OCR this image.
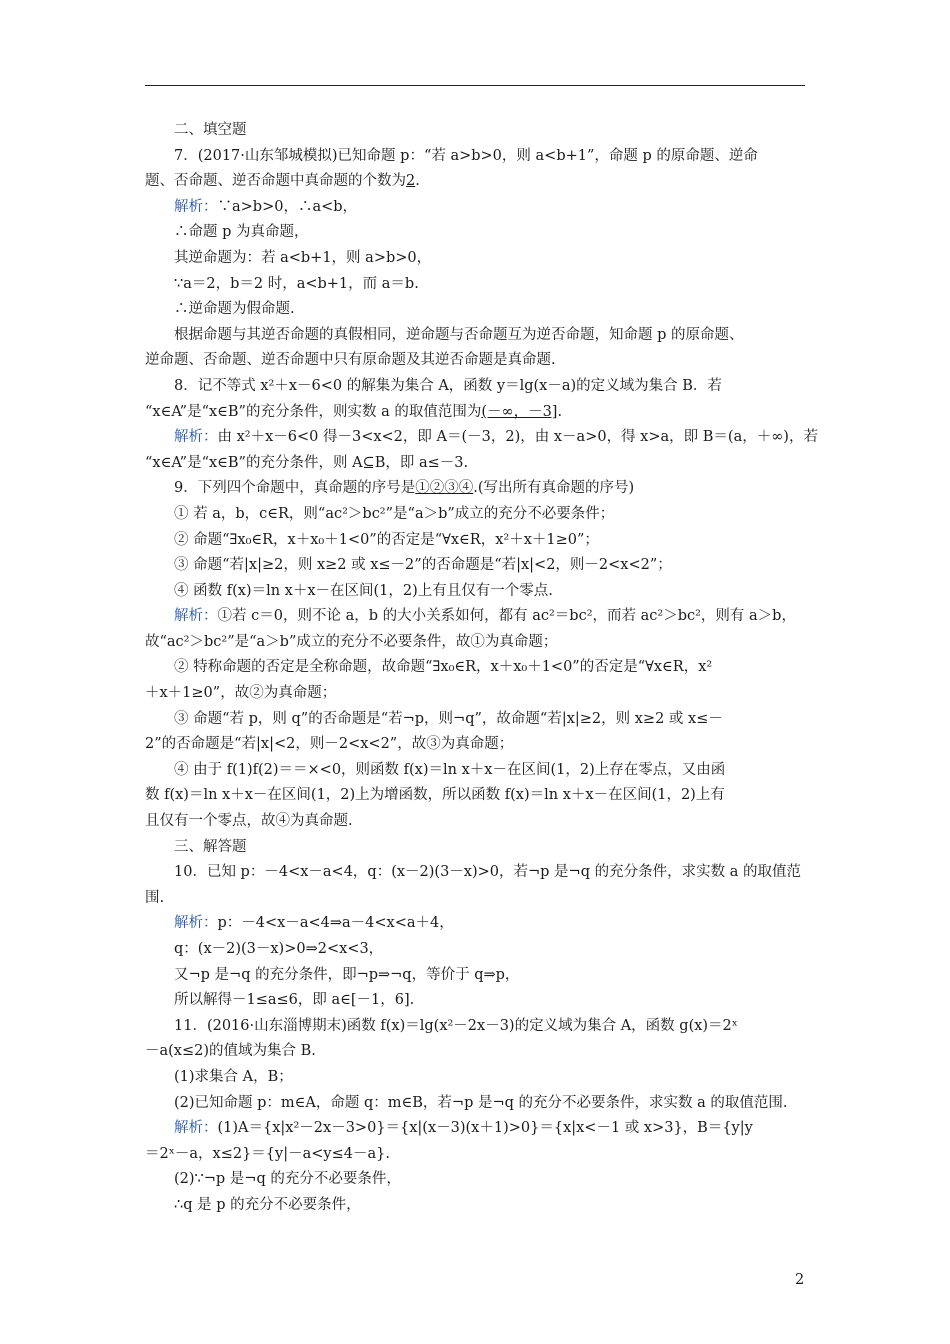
二、填空题
7．(2017·山东邹城模拟)已知命题 p：“若 a>b>0，则 a<b+1”，命题 p 的原命题、逆命
题、否命题、逆否命题中真命题的个数为2.
解析：∵a>b>0，∴a<b，
∴命题 p 为真命题，
其逆命题为：若 a<b+1，则 a>b>0，
∵a＝2，b＝2 时，a<b+1，而 a＝b.
∴逆命题为假命题.
根据命题与其逆否命题的真假相同，逆命题与否命题互为逆否命题，知命题 p 的原命题、
逆命题、否命题、逆否命题中只有原命题及其逆否命题是真命题.
8．记不等式 x²＋x－6<0 的解集为集合 A，函数 y＝lg(x－a)的定义域为集合 B．若
“x∈A”是“x∈B”的充分条件，则实数 a 的取值范围为(－∞，－3].
解析：由 x²＋x－6<0 得－3<x<2，即 A＝(－3，2)，由 x－a>0，得 x>a，即 B＝(a，＋∞)，若
“x∈A”是“x∈B”的充分条件，则 A⊆B，即 a≤－3.
9．下列四个命题中，真命题的序号是①②③④.(写出所有真命题的序号)
① 若 a，b，c∈R，则“ac²＞bc²”是“a＞b”成立的充分不必要条件；
② 命题“∃x₀∈R，x＋x₀＋1<0”的否定是“∀x∈R，x²＋x＋1≥0”；
③ 命题“若|x|≥2，则 x≥2 或 x≤－2”的否命题是“若|x|<2，则－2<x<2”；
④ 函数 f(x)＝ln x＋x－在区间(1，2)上有且仅有一个零点.
解析：①若 c＝0，则不论 a，b 的大小关系如何，都有 ac²＝bc²，而若 ac²＞bc²，则有 a＞b，
故“ac²＞bc²”是“a＞b”成立的充分不必要条件，故①为真命题；
② 特称命题的否定是全称命题，故命题“∃x₀∈R，x＋x₀＋1<0”的否定是“∀x∈R，x²
＋x＋1≥0”，故②为真命题；
③ 命题“若 p，则 q”的否命题是“若¬p，则¬q”，故命题“若|x|≥2，则 x≥2 或 x≤－
2”的否命题是“若|x|<2，则－2<x<2”，故③为真命题；
④ 由于 f(1)f(2)＝＝×<0，则函数 f(x)＝ln x＋x－在区间(1，2)上存在零点，又由函
数 f(x)＝ln x＋x－在区间(1，2)上为增函数，所以函数 f(x)＝ln x＋x－在区间(1，2)上有
且仅有一个零点，故④为真命题.
三、解答题
10．已知 p：－4<x－a<4，q：(x－2)(3－x)>0，若¬p 是¬q 的充分条件，求实数 a 的取值范
围.
解析：p：－4<x－a<4⇒a－4<x<a＋4，
q：(x－2)(3－x)>0⇒2<x<3，
又¬p 是¬q 的充分条件，即¬p⇒¬q，等价于 q⇒p，
所以解得－1≤a≤6，即 a∈[－1，6].
11．(2016·山东淄博期末)函数 f(x)＝lg(x²－2x－3)的定义域为集合 A，函数 g(x)＝2ˣ
－a(x≤2)的值域为集合 B.
(1)求集合 A，B；
(2)已知命题 p：m∈A，命题 q：m∈B，若¬p 是¬q 的充分不必要条件，求实数 a 的取值范围.
解析：(1)A＝{x|x²－2x－3>0}＝{x|(x－3)(x＋1)>0}＝{x|x<－1 或 x>3}，B＝{y|y
＝2ˣ－a，x≤2}＝{y|－a<y≤4－a}.
(2)∵¬p 是¬q 的充分不必要条件，
∴q 是 p 的充分不必要条件，
2
